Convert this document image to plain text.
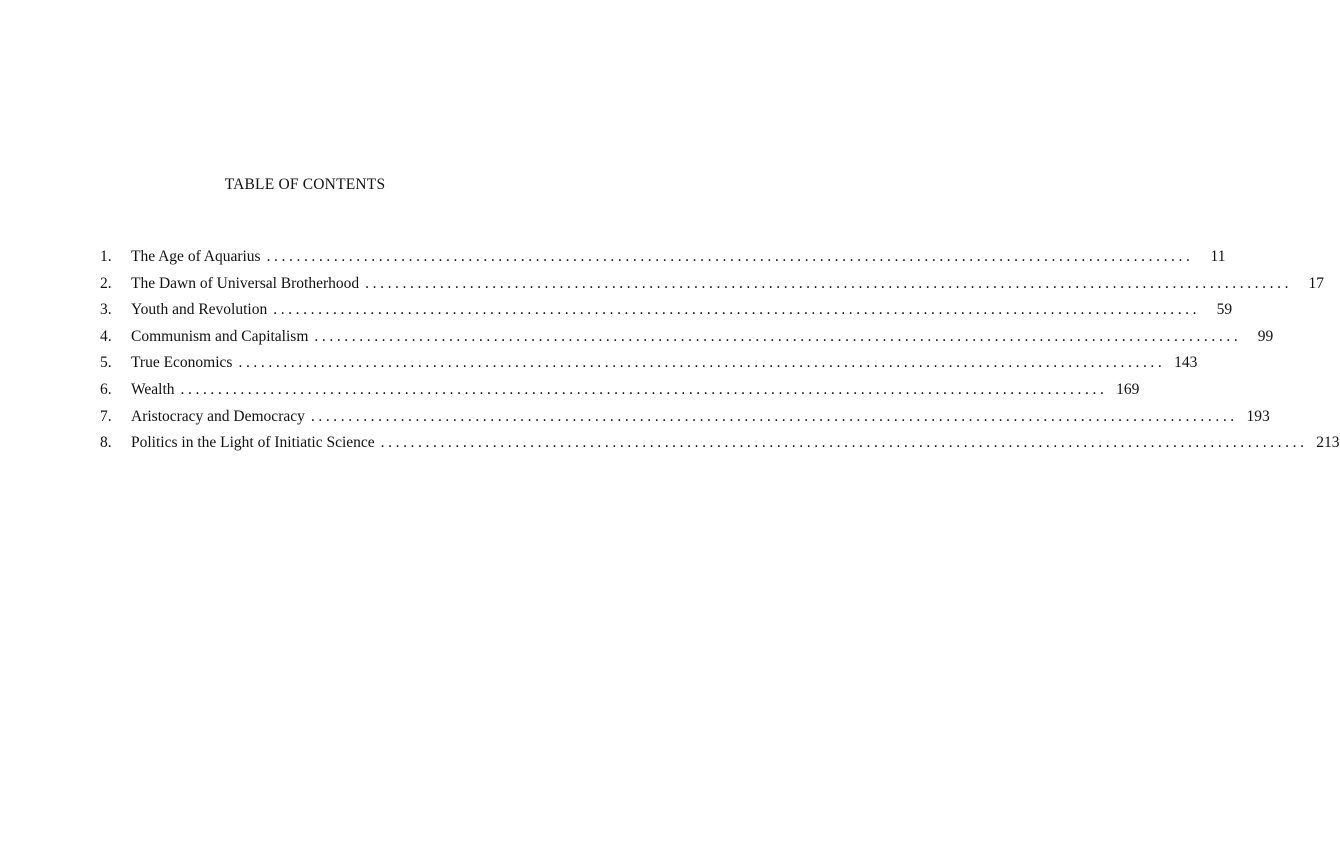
TABLE OF CONTENTS
1.	The Age of Aquarius ............................................................................................................................	11
2.	The Dawn of Universal Brotherhood ............................................................................................................................	17
3.	Youth and Revolution ............................................................................................................................	59
4.	Communism and Capitalism ............................................................................................................................	99
5.	True Economics ............................................................................................................................ 143
6.	Wealth ............................................................................................................................ 169
7.	Aristocracy and Democracy ............................................................................................................................ 193
8.	Politics in the Light of Initiatic Science ............................................................................................................................ 213
